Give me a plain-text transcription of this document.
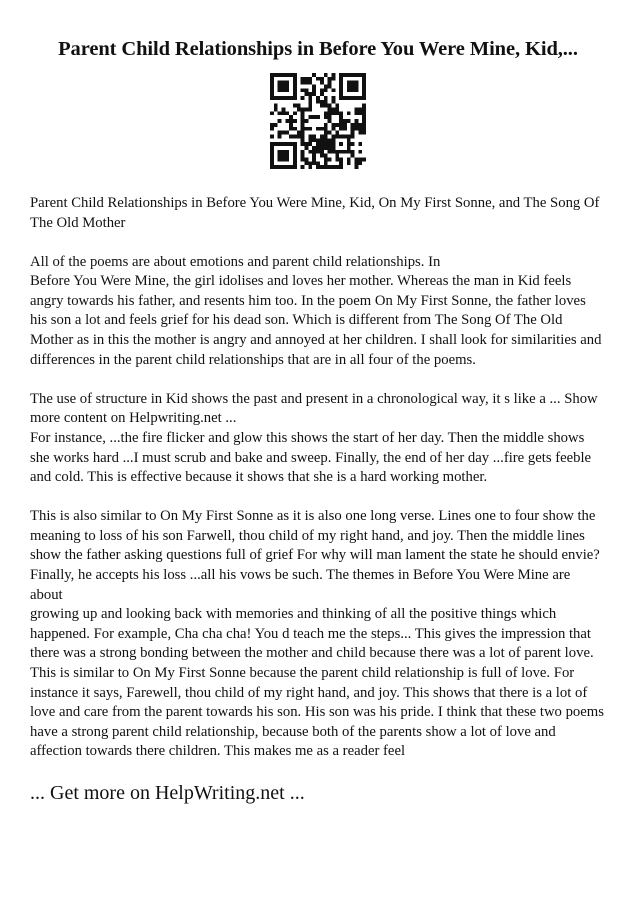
Parent Child Relationships in Before You Were Mine, Kid,...

Parent Child Relationships in Before You Were Mine, Kid, On My First Sonne, and The Song Of
The Old Mother

All of the poems are about emotions and parent child relationships. In
Before You Were Mine, the girl idolises and loves her mother. Whereas the man in Kid feels
angry towards his father, and resents him too. In the poem On My First Sonne, the father loves
his son a lot and feels grief for his dead son. Which is different from The Song Of The Old
Mother as in this the mother is angry and annoyed at her children. I shall look for similarities and
differences in the parent child relationships that are in all four of the poems.

The use of structure in Kid shows the past and present in a chronological way, it s like a ... Show
more content on Helpwriting.net ...
For instance, ...the fire flicker and glow this shows the start of her day. Then the middle shows
she works hard ...I must scrub and bake and sweep. Finally, the end of her day ...fire gets feeble
and cold. This is effective because it shows that she is a hard working mother.

This is also similar to On My First Sonne as it is also one long verse. Lines one to four show the
meaning to loss of his son Farwell, thou child of my right hand, and joy. Then the middle lines
show the father asking questions full of grief For why will man lament the state he should envie?
Finally, he accepts his loss ...all his vows be such. The themes in Before You Were Mine are about
growing up and looking back with memories and thinking of all the positive things which
happened. For example, Cha cha cha! You d teach me the steps... This gives the impression that
there was a strong bonding between the mother and child because there was a lot of parent love.
This is similar to On My First Sonne because the parent child relationship is full of love. For
instance it says, Farewell, thou child of my right hand, and joy. This shows that there is a lot of
love and care from the parent towards his son. His son was his pride. I think that these two poems
have a strong parent child relationship, because both of the parents show a lot of love and
affection towards there children. This makes me as a reader feel

... Get more on HelpWriting.net ...
